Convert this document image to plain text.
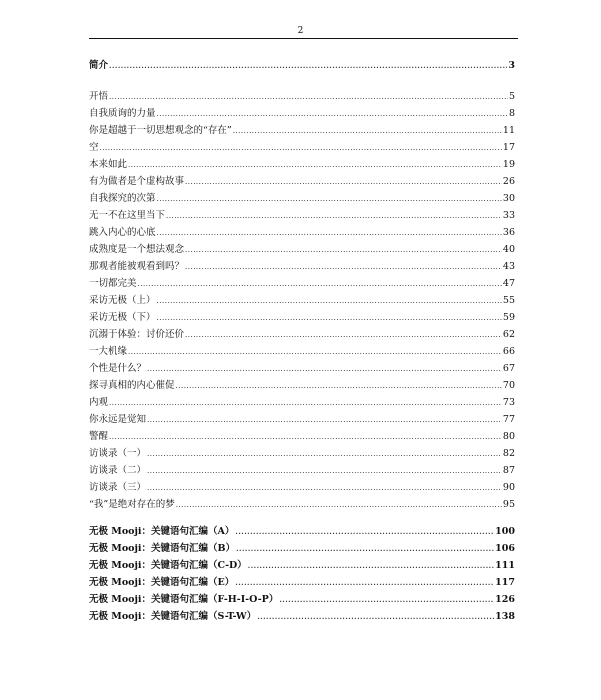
2
简介 .....	3
开悟 .....	5
自我质询的力量 .....	8
你是超越于一切思想观念的“存在” .....	11
空 .....	17
本来如此 .....	19
有为做者是个虚构故事 .....	26
自我探究的次第 .....	30
无一不在这里当下 .....	33
跳入内心的心底 .....	36
成熟度是一个想法观念 .....	40
那观者能被观看到吗？ .....	43
一切都完美 .....	47
采访无极（上） .....	55
采访无极（下） .....	59
沉溺于体验：讨价还价 .....	62
一大机缘 .....	66
个性是什么？ .....	67
探寻真相的内心催促 .....	70
内观 .....	73
你永远是觉知 .....	77
警醒 .....	80
访谈录（一） .....	82
访谈录（二） .....	87
访谈录（三） .....	90
“我”是绝对存在的梦 .....	95
无极 Mooji：关键语句汇编（A） .....	100
无极 Mooji：关键语句汇编（B） .....	106
无极 Mooji：关键语句汇编（C-D） .....	111
无极 Mooji：关键语句汇编（E） .....	117
无极 Mooji：关键语句汇编（F-H-I-O-P） .....	126
无极 Mooji：关键语句汇编（S-T-W） .....	138
